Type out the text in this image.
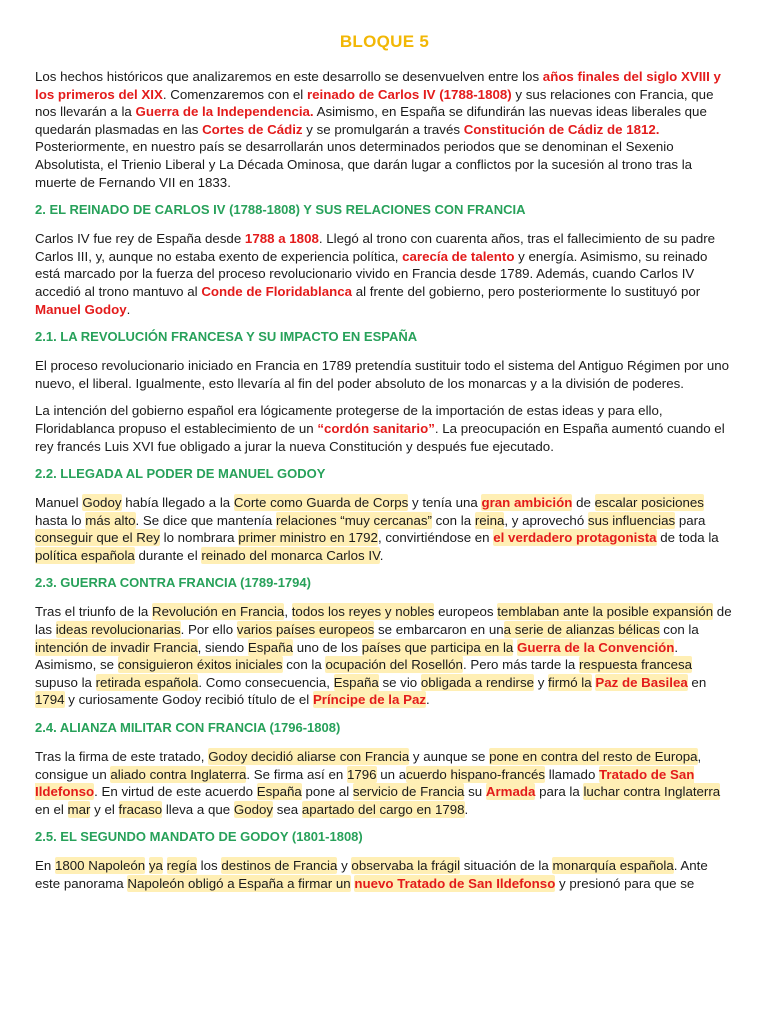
BLOQUE 5

Los hechos históricos que analizaremos en este desarrollo se desenvuelven entre los años finales del siglo XVIII y los primeros del XIX. Comenzaremos con el reinado de Carlos IV (1788-1808) y sus relaciones con Francia, que nos llevarán a la Guerra de la Independencia. Asimismo, en España se difundirán las nuevas ideas liberales que quedarán plasmadas en las Cortes de Cádiz y se promulgarán a través Constitución de Cádiz de 1812. Posteriormente, en nuestro país se desarrollarán unos determinados periodos que se denominan el Sexenio Absolutista, el Trienio Liberal y La Década Ominosa, que darán lugar a conflictos por la sucesión al trono tras la muerte de Fernando VII en 1833.

2. EL REINADO DE CARLOS IV (1788-1808) Y SUS RELACIONES CON FRANCIA

Carlos IV fue rey de España desde 1788 a 1808. Llegó al trono con cuarenta años, tras el fallecimiento de su padre Carlos III, y, aunque no estaba exento de experiencia política, carecía de talento y energía. Asimismo, su reinado está marcado por la fuerza del proceso revolucionario vivido en Francia desde 1789. Además, cuando Carlos IV accedió al trono mantuvo al Conde de Floridablanca al frente del gobierno, pero posteriormente lo sustituyó por Manuel Godoy.

2.1. LA REVOLUCIÓN FRANCESA Y SU IMPACTO EN ESPAÑA

El proceso revolucionario iniciado en Francia en 1789 pretendía sustituir todo el sistema del Antiguo Régimen por uno nuevo, el liberal. Igualmente, esto llevaría al fin del poder absoluto de los monarcas y a la división de poderes.

La intención del gobierno español era lógicamente protegerse de la importación de estas ideas y para ello, Floridablanca propuso el establecimiento de un “cordón sanitario”. La preocupación en España aumentó cuando el rey francés Luis XVI fue obligado a jurar la nueva Constitución y después fue ejecutado.

2.2. LLEGADA AL PODER DE MANUEL GODOY

Manuel Godoy había llegado a la Corte como Guarda de Corps y tenía una gran ambición de escalar posiciones hasta lo más alto. Se dice que mantenía relaciones “muy cercanas” con la reina, y aprovechó sus influencias para conseguir que el Rey lo nombrara primer ministro en 1792, convirtiéndose en el verdadero protagonista de toda la política española durante el reinado del monarca Carlos IV.

2.3. GUERRA CONTRA FRANCIA (1789-1794)

Tras el triunfo de la Revolución en Francia, todos los reyes y nobles europeos temblaban ante la posible expansión de las ideas revolucionarias. Por ello varios países europeos se embarcaron en una serie de alianzas bélicas con la intención de invadir Francia, siendo España uno de los países que participa en la Guerra de la Convención. Asimismo, se consiguieron éxitos iniciales con la ocupación del Rosellón. Pero más tarde la respuesta francesa supuso la retirada española. Como consecuencia, España se vio obligada a rendirse y firmó la Paz de Basilea en 1794 y curiosamente Godoy recibió título de el Príncipe de la Paz.

2.4. ALIANZA MILITAR CON FRANCIA (1796-1808)

Tras la firma de este tratado, Godoy decidió aliarse con Francia y aunque se pone en contra del resto de Europa, consigue un aliado contra Inglaterra. Se firma así en 1796 un acuerdo hispano-francés llamado Tratado de San Ildefonso. En virtud de este acuerdo España pone al servicio de Francia su Armada para la luchar contra Inglaterra en el mar y el fracaso lleva a que Godoy sea apartado del cargo en 1798.

2.5. EL SEGUNDO MANDATO DE GODOY (1801-1808)

En 1800 Napoleón ya regía los destinos de Francia y observaba la frágil situación de la monarquía española. Ante este panorama Napoleón obligó a España a firmar un nuevo Tratado de San Ildefonso y presionó para que se
